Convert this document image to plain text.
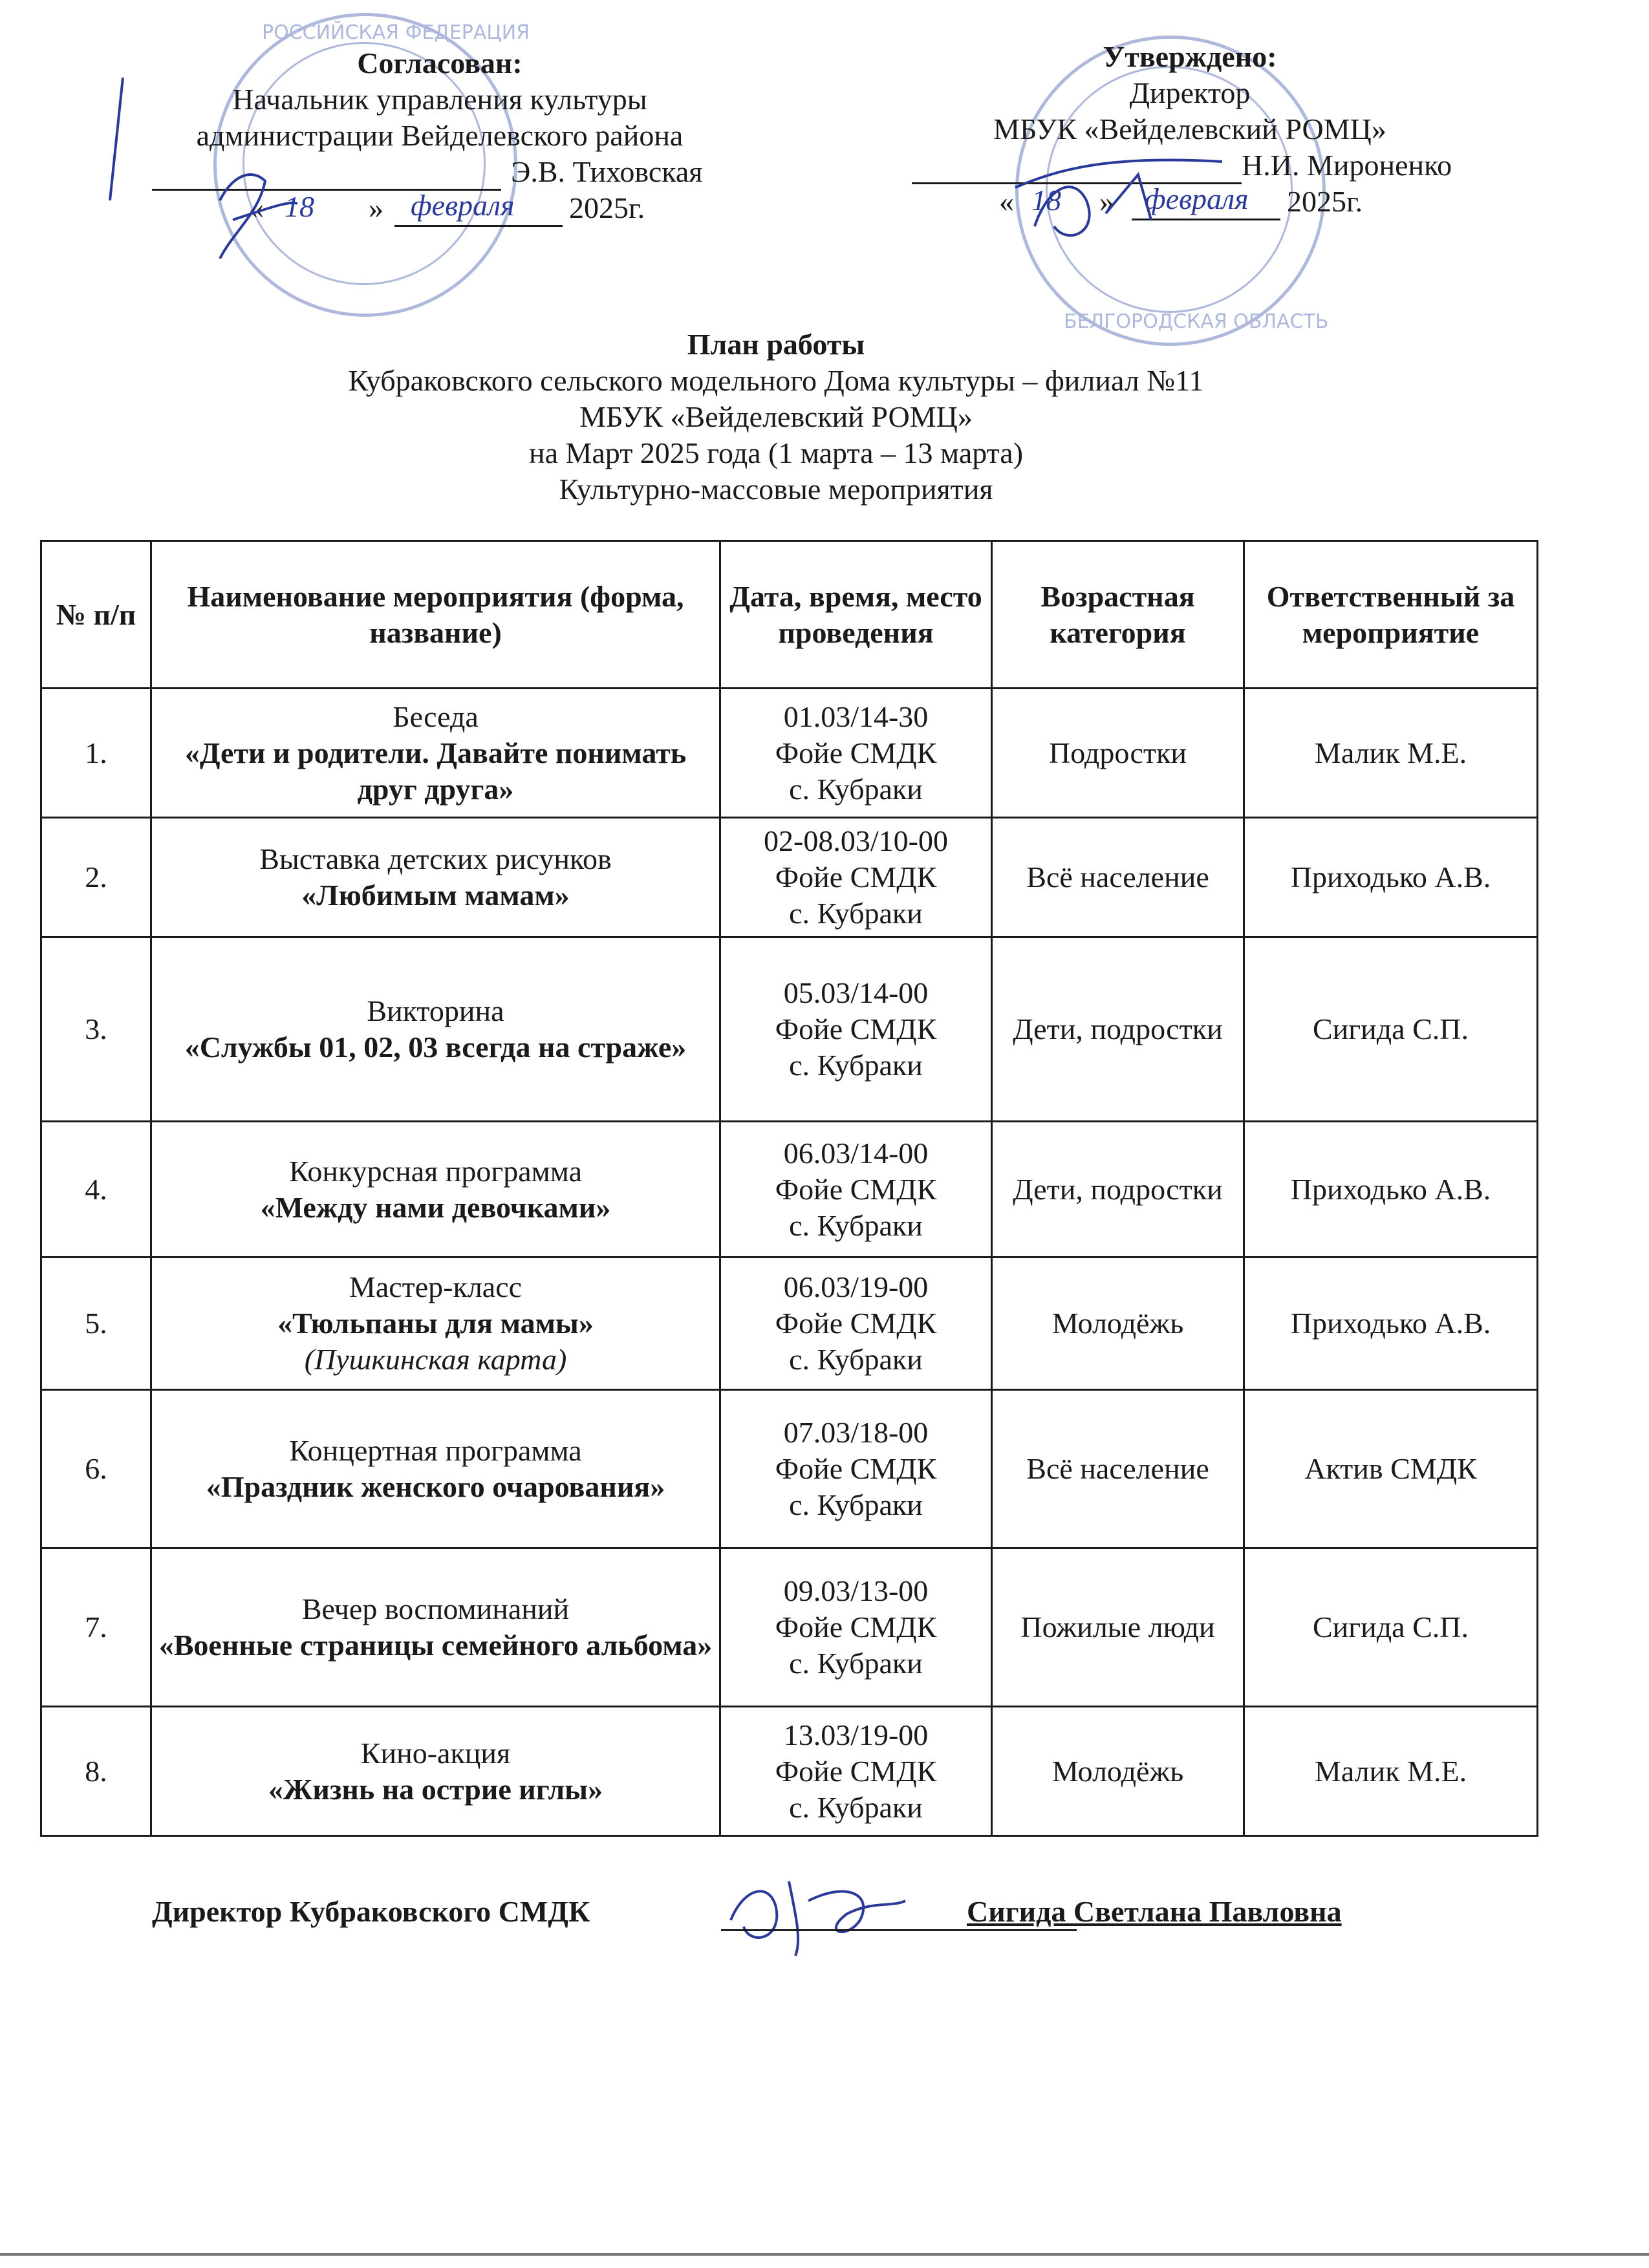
РОССИЙСКАЯ ФЕДЕРАЦИЯ
БЕЛГОРОДСКАЯ ОБЛАСТЬ
Согласован:
Начальник управления культуры
администрации Вейделевского района
Э.В. Тиховская
« 18 » февраля 2025г.
Утверждено:
Директор
МБУК «Вейделевский РОМЦ»
Н.И. Мироненко
« 18 » февраля 2025г.
План работы
Кубраковского сельского модельного Дома культуры – филиал №11
МБУК «Вейделевский РОМЦ»
на Март 2025 года (1 марта – 13 марта)
Культурно-массовые мероприятия
№ п/п	Наименование мероприятия (форма, название)	Дата, время, место проведения	Возрастная категория	Ответственный за мероприятие
1.	Беседа
«Дети и родители. Давайте понимать друг друга»	01.03/14-30
Фойе СМДК
с. Кубраки	Подростки	Малик М.Е.
2.	Выставка детских рисунков
«Любимым мамам»	02-08.03/10-00
Фойе СМДК
с. Кубраки	Всё население	Приходько А.В.
3.	Викторина
«Службы 01, 02, 03 всегда на страже»	05.03/14-00
Фойе СМДК
с. Кубраки	Дети, подростки	Сигида С.П.
4.	Конкурсная программа
«Между нами девочками»	06.03/14-00
Фойе СМДК
с. Кубраки	Дети, подростки	Приходько А.В.
5.	Мастер-класс
«Тюльпаны для мамы»
(Пушкинская карта)	06.03/19-00
Фойе СМДК
с. Кубраки	Молодёжь	Приходько А.В.
6.	Концертная программа
«Праздник женского очарования»	07.03/18-00
Фойе СМДК
с. Кубраки	Всё население	Актив СМДК
7.	Вечер воспоминаний
«Военные страницы семейного альбома»	09.03/13-00
Фойе СМДК
с. Кубраки	Пожилые люди	Сигида С.П.
8.	Кино-акция
«Жизнь на острие иглы»	13.03/19-00
Фойе СМДК
с. Кубраки	Молодёжь	Малик М.Е.
Директор Кубраковского СМДК	Сигида Светлана Павловна
